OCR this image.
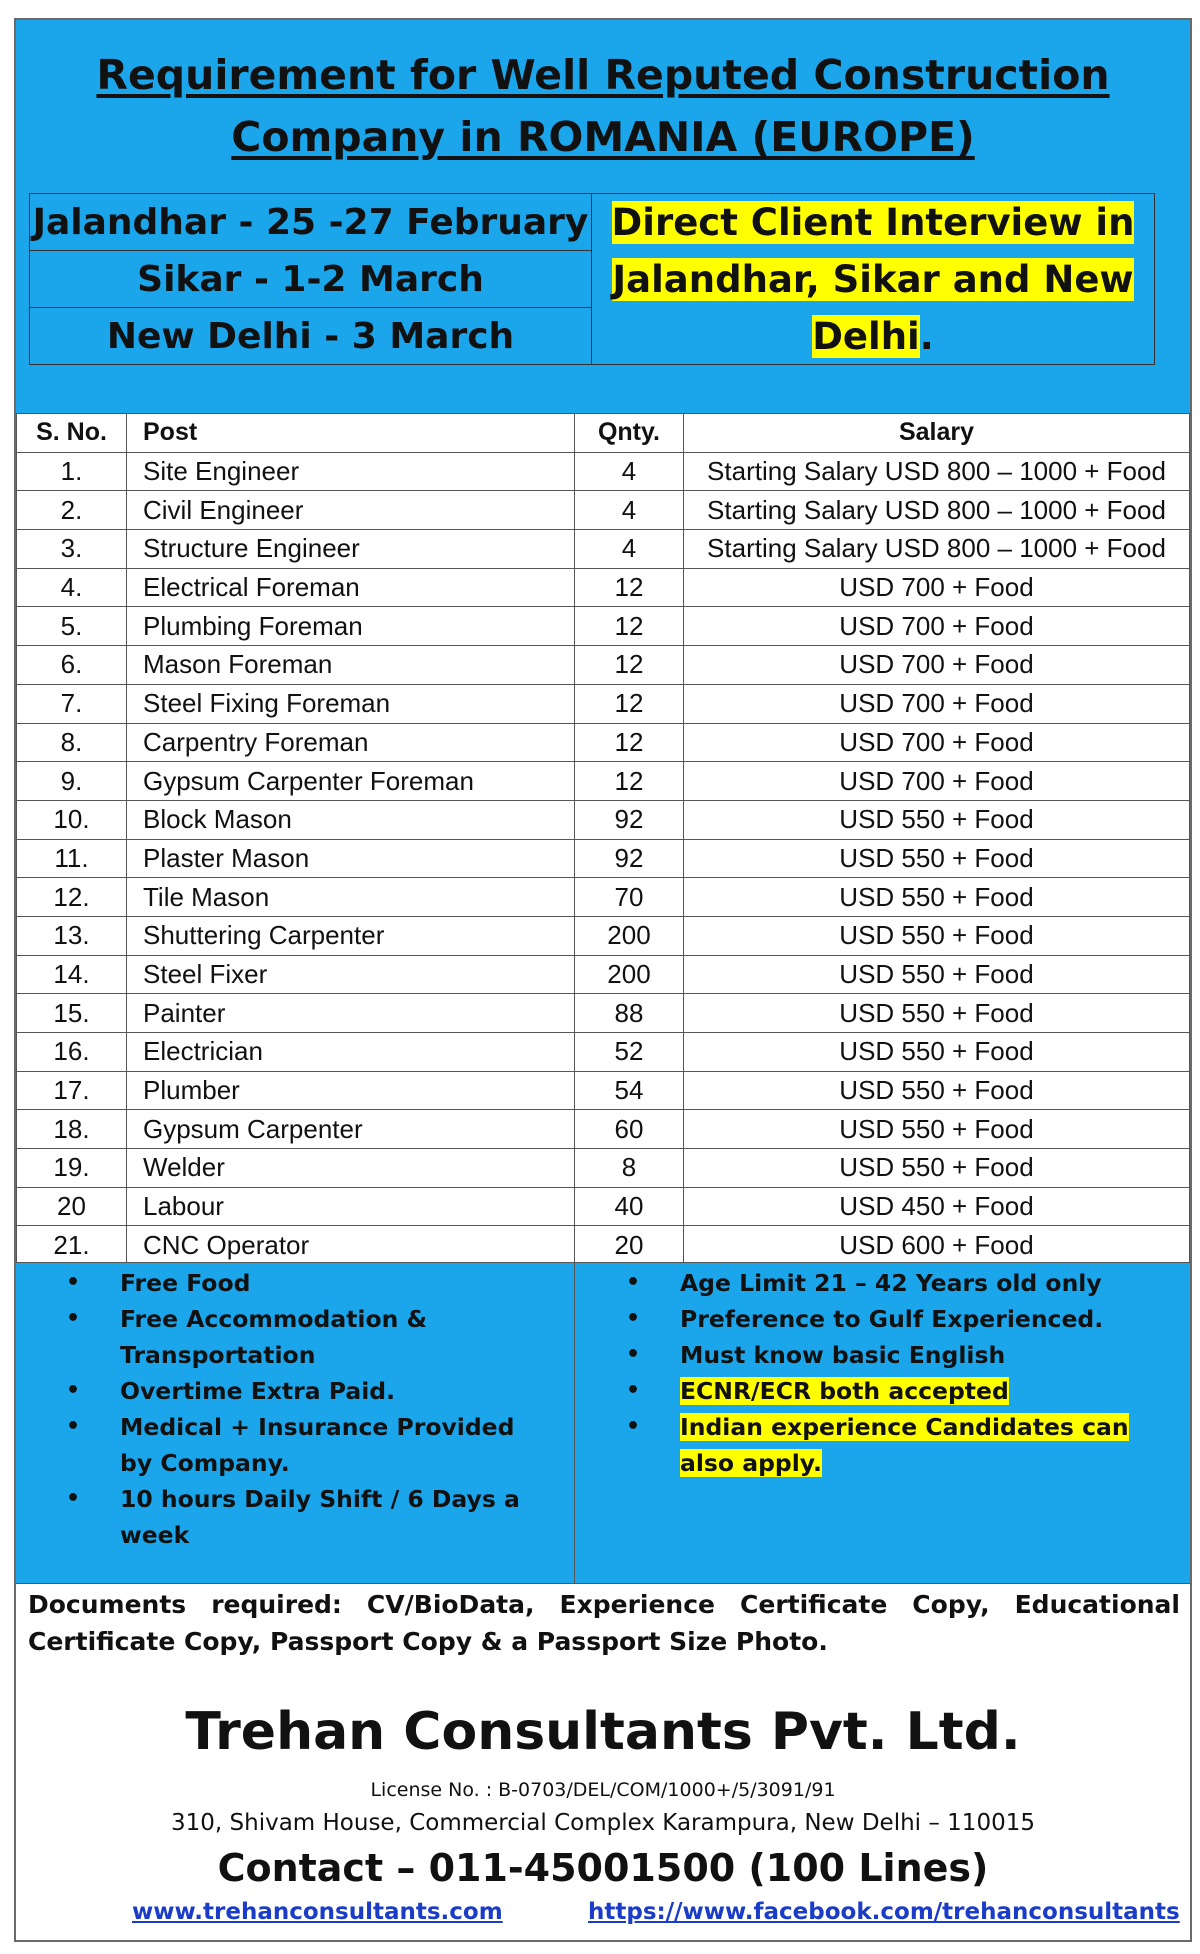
Requirement for Well Reputed Construction
Company in ROMANIA (EUROPE)
Jalandhar - 25 -27 February
Sikar - 1-2 March
New Delhi - 3 March
Direct Client Interview in
Jalandhar, Sikar and New
Delhi.
S. No.	Post	Qnty.	Salary
1.	Site Engineer	4	Starting Salary USD 800 – 1000 + Food
2.	Civil Engineer	4	Starting Salary USD 800 – 1000 + Food
3.	Structure Engineer	4	Starting Salary USD 800 – 1000 + Food
4.	Electrical Foreman	12	USD 700 + Food
5.	Plumbing Foreman	12	USD 700 + Food
6.	Mason Foreman	12	USD 700 + Food
7.	Steel Fixing Foreman	12	USD 700 + Food
8.	Carpentry Foreman	12	USD 700 + Food
9.	Gypsum Carpenter Foreman	12	USD 700 + Food
10.	Block Mason	92	USD 550 + Food
11.	Plaster Mason	92	USD 550 + Food
12.	Tile Mason	70	USD 550 + Food
13.	Shuttering Carpenter	200	USD 550 + Food
14.	Steel Fixer	200	USD 550 + Food
15.	Painter	88	USD 550 + Food
16.	Electrician	52	USD 550 + Food
17.	Plumber	54	USD 550 + Food
18.	Gypsum Carpenter	60	USD 550 + Food
19.	Welder	8	USD 550 + Food
20	Labour	40	USD 450 + Food
21.	CNC Operator	20	USD 600 + Food
• Free Food
• Free Accommodation & Transportation
• Overtime Extra Paid.
• Medical + Insurance Provided by Company.
• 10 hours Daily Shift / 6 Days a week
• Age Limit 21 – 42 Years old only
• Preference to Gulf Experienced.
• Must know basic English
• ECNR/ECR both accepted
• Indian experience Candidates can also apply.

Documents required: CV/BioData, Experience Certificate Copy, Educational Certificate Copy, Passport Copy & a Passport Size Photo.

Trehan Consultants Pvt. Ltd.
License No. : B-0703/DEL/COM/1000+/5/3091/91
310, Shivam House, Commercial Complex Karampura, New Delhi – 110015
Contact – 011-45001500 (100 Lines)
www.trehanconsultants.com	https://www.facebook.com/trehanconsultants
